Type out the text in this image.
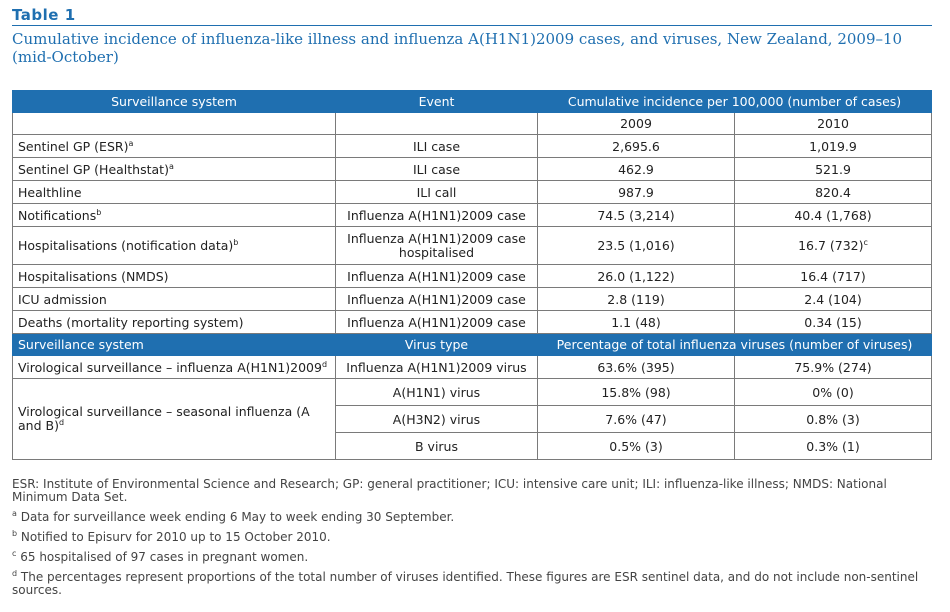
Table 1
Cumulative incidence of influenza-like illness and influenza A(H1N1)2009 cases, and viruses, New Zealand, 2009–10 (mid-October)
Surveillance system	Event	Cumulative incidence per 100,000 (number of cases)	
		2009	2010
Sentinel GP (ESR)$^a$	ILI case	2,695.6	1,019.9
Sentinel GP (Healthstat)$^a$	ILI case	462.9	521.9
Healthline	ILI call	987.9	820.4
Notifications$^b$	Influenza A(H1N1)2009 case	74.5 (3,214)	40.4 (1,768)
Hospitalisations (notification data)$^b$	Influenza A(H1N1)2009 case hospitalised	23.5 (1,016)	16.7 $(732)^c$
Hospitalisations (NMDS)	Influenza A(H1N1)2009 case	26.0 (1,122)	16.4 (717)
ICU admission	Influenza A(H1N1)2009 case	2.8 (119)	2.4 (104)
Deaths (mortality reporting system)	Influenza A(H1N1)2009 case	1.1 (48)	0.34 (15)
Surveillance system	Virus type	Percentage of total influenza viruses (number of viruses)	
Virological surveillance – influenza A(H1N1)2009$^d$	Influenza A(H1N1)2009 virus	63.6% (395)	75.9% (274)
Virological surveillance – seasonal influenza (A and B)$^d$	A(H1N1) virus	15.8% (98)	0% (0)
	A(H3N2) virus	7.6% (47)	0.8% (3)
	B virus	0.5% (3)	0.3% (1)

ESR: Institute of Environmental Science and Research; GP: general practitioner; ICU: intensive care unit; ILI: influenza-like illness; NMDS: National Minimum Data Set.

$^a$ Data for surveillance week ending 6 May to week ending 30 September.

$^b$ Notified to Episurv for 2010 up to 15 October 2010.

$^c$ 65 hospitalised of 97 cases in pregnant women.

$^d$ The percentages represent proportions of the total number of viruses identified. These figures are ESR sentinel data, and do not include non-sentinel sources.
